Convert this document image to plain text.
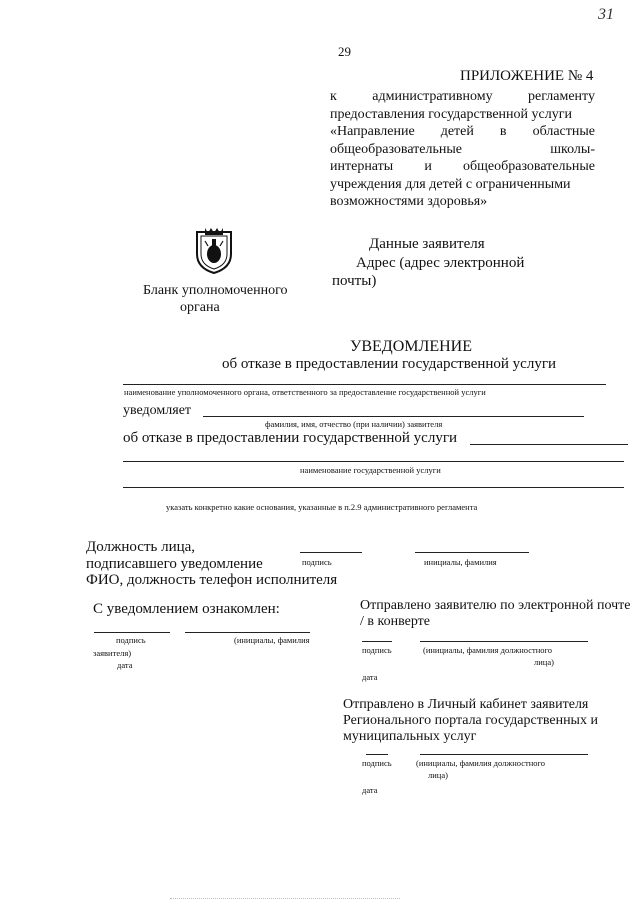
31
29
ПРИЛОЖЕНИЕ № 4
к административному регламенту
предоставления государственной услуги
«Направление детей в областные
общеобразовательные школы-
интернаты и общеобразовательные
учреждения для детей с ограниченными
возможностями здоровья»
Данные заявителя
Адрес (адрес электронной
почты)
Бланк уполномоченного
органа
УВЕДОМЛЕНИЕ
об отказе в предоставлении государственной услуги
наименование уполномоченного органа, ответственного за предоставление государственной услуги
уведомляет
фамилия, имя, отчество (при наличии) заявителя
об отказе в предоставлении государственной услуги
наименование государственной услуги
указать конкретно какие основания, указанные в п.2.9 административного регламента
Должность лица,
подписавшего уведомление
ФИО, должность телефон исполнителя
подпись	инициалы, фамилия
С уведомлением ознакомлен:
подпись	(инициалы, фамилия
заявителя)
дата
Отправлено заявителю по электронной почте
/ в конверте
подпись	(инициалы, фамилия должностного
лица)
дата
Отправлено в Личный кабинет заявителя
Регионального портала государственных и
муниципальных услуг
подпись	(инициалы, фамилия должностного
лица)
дата
